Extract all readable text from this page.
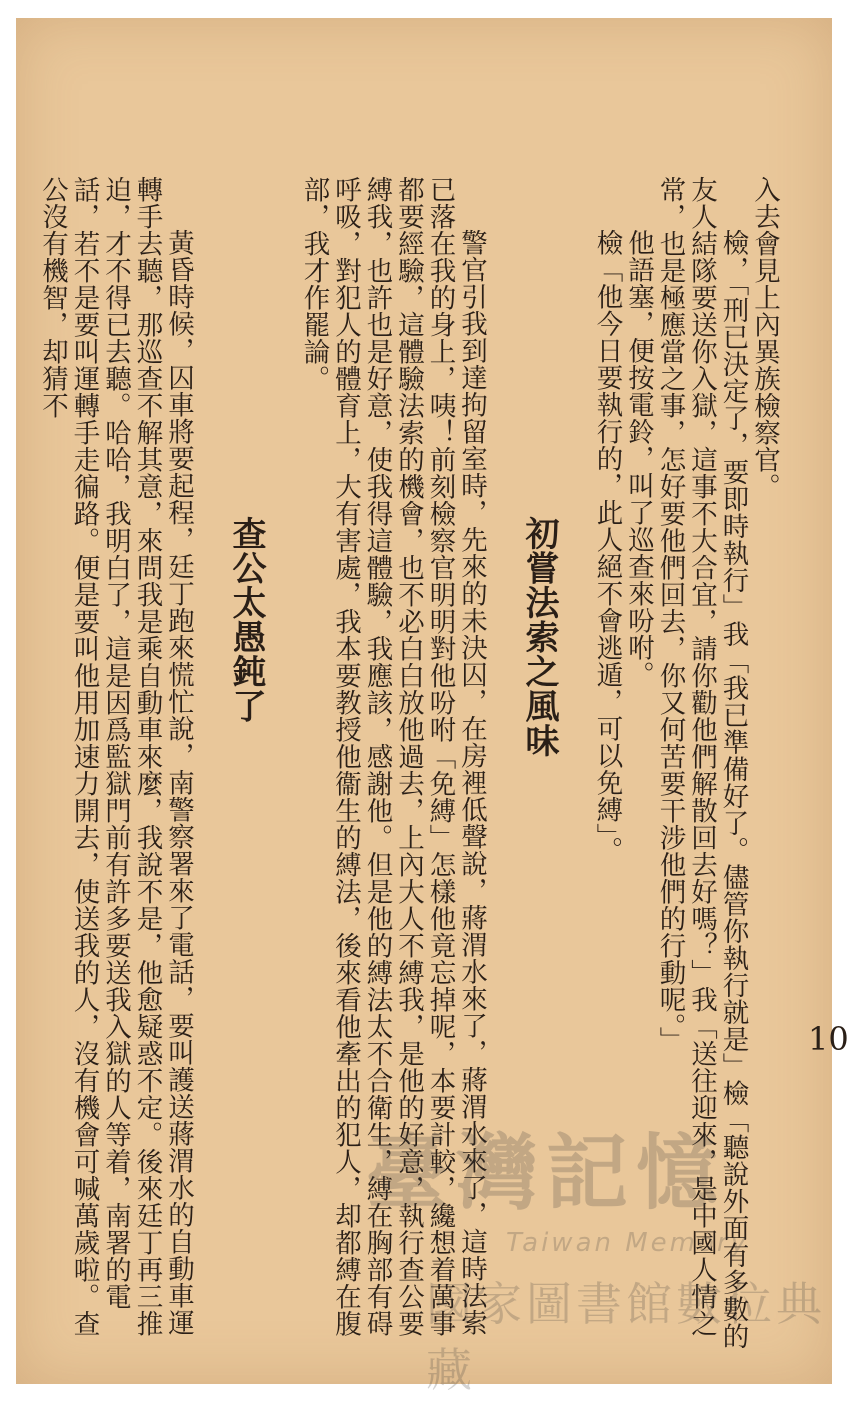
10

入去會見上內異族檢察官。

檢，「刑已決定了，要即時執行」我「我已準備好了。儘管你執行就是」檢「聽說外面有多數的友人結隊要送你入獄，這事不大合宜，請你勸他們解散回去好嗎？」我「送往迎來，是中國人情之常，也是極應當之事，怎好要他們回去，你又何苦要干涉他們的行動呢。」

他語塞，便按電鈴，叫了巡查來吩咐。

檢「他今日要執行的，此人絕不會逃遁，可以免縛」。

初嘗法索之風味

警官引我到達拘留室時，先來的未決囚，在房裡低聲說，蔣渭水來了，蔣渭水來了，這時法索已落在我的身上，咦！前刻檢察官明明對他吩咐「免縛」怎樣他竟忘掉呢，本要計較，纔想着萬事都要經驗，這體驗法索的機會，也不必白白放他過去，上內大人不縛我，是他的好意，執行查公要縛我，也許也是好意，使我得這體驗，我應該，感謝他。但是他的縛法太不合衛生，縛在胸部有碍呼吸，對犯人的體育上，大有害處，我本要教授他衞生的縛法，後來看他牽出的犯人，却都縛在腹部，我才作罷論。

查公太愚鈍了

黃昏時候，囚車將要起程，廷丁跑來慌忙說，南警察署來了電話，要叫護送蔣渭水的自動車運轉手去聽，那巡查不解其意，來問我是乘自動車來麼，我說不是，他愈疑惑不定。後來廷丁再三推迫，才不得已去聽。哈哈，我明白了，這是因爲監獄門前有許多要送我入獄的人等着，南署的電話，若不是要叫運轉手走徧路。便是要叫他用加速力開去，使送我的人，沒有機會可喊萬歲啦。查公沒有機智，却猜不

臺灣記憶
Taiwan Memory
國家圖書館數位典藏
